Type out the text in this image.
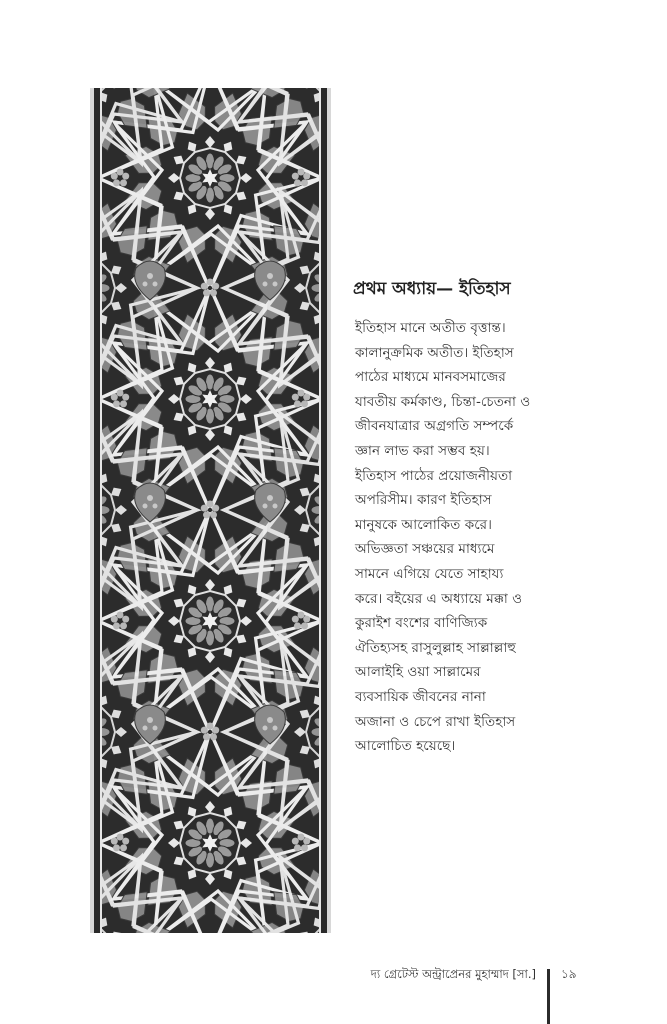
প্রথম অধ্যায়— ইতিহাস
ইতিহাস মানে অতীত বৃত্তান্ত।
কালানুক্রমিক অতীত। ইতিহাস
পাঠের মাধ্যমে মানবসমাজের
যাবতীয় কর্মকাণ্ড, চিন্তা-চেতনা ও
জীবনযাত্রার অগ্রগতি সম্পর্কে
জ্ঞান লাভ করা সম্ভব হয়।
ইতিহাস পাঠের প্রয়োজনীয়তা
অপরিসীম। কারণ ইতিহাস
মানুষকে আলোকিত করে।
অভিজ্ঞতা সঞ্চয়ের মাধ্যমে
সামনে এগিয়ে যেতে সাহায্য
করে। বইয়ের এ অধ্যায়ে মক্কা ও
কুরাইশ বংশের বাণিজ্যিক
ঐতিহ্যসহ রাসুলুল্লাহ সাল্লাল্লাহু
আলাইহি ওয়া সাল্লামের
ব্যবসায়িক জীবনের নানা
অজানা ও চেপে রাখা ইতিহাস
আলোচিত হয়েছে।
দ্য গ্রেটেস্ট অন্ট্রাপ্রেনর মুহাম্মাদ [সা.] ১৯
